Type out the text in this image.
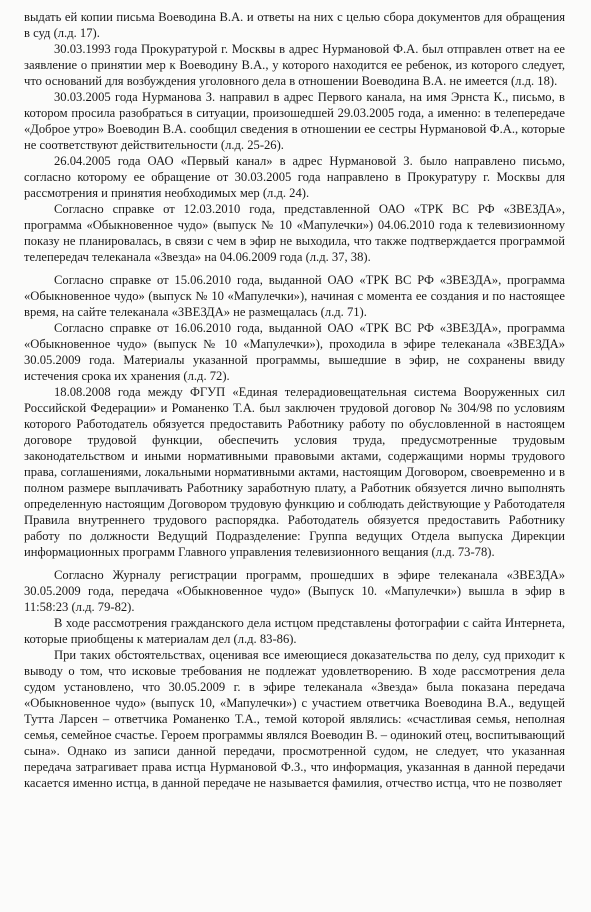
выдать ей копии письма Воеводина В.А. и ответы на них с целью сбора документов для обращения в суд (л.д. 17).

30.03.1993 года Прокуратурой г. Москвы в адрес Нурмановой Ф.А. был отправлен ответ на ее заявление о принятии мер к Воеводину В.А., у которого находится ее ребенок, из которого следует, что оснований для возбуждения уголовного дела в отношении Воеводина В.А. не имеется (л.д. 18).

30.03.2005 года Нурманова З. направил в адрес Первого канала, на имя Эрнста К., письмо, в котором просила разобраться в ситуации, произошедшей 29.03.2005 года, а именно: в телепередаче «Доброе утро» Воеводин В.А. сообщил сведения в отношении ее сестры Нурмановой Ф.А., которые не соответствуют действительности (л.д. 25-26).

26.04.2005 года ОАО «Первый канал» в адрес Нурмановой З. было направлено письмо, согласно которому ее обращение от 30.03.2005 года направлено в Прокуратуру г. Москвы для рассмотрения и принятия необходимых мер (л.д. 24).

Согласно справке от 12.03.2010 года, представленной ОАО «ТРК ВС РФ «ЗВЕЗДА», программа «Обыкновенное чудо» (выпуск № 10 «Мапулечки») 04.06.2010 года к телевизионному показу не планировалась, в связи с чем в эфир не выходила, что также подтверждается программой телепередач телеканала «Звезда» на 04.06.2009 года (л.д. 37, 38).

Согласно справке от 15.06.2010 года, выданной ОАО «ТРК ВС РФ «ЗВЕЗДА», программа «Обыкновенное чудо» (выпуск № 10 «Мапулечки»), начиная с момента ее создания и по настоящее время, на сайте телеканала «ЗВЕЗДА» не размещалась (л.д. 71).

Согласно справке от 16.06.2010 года, выданной ОАО «ТРК ВС РФ «ЗВЕЗДА», программа «Обыкновенное чудо» (выпуск № 10 «Мапулечки»), проходила в эфире телеканала «ЗВЕЗДА» 30.05.2009 года. Материалы указанной программы, вышедшие в эфир, не сохранены ввиду истечения срока их хранения (л.д. 72).

18.08.2008 года между ФГУП «Единая телерадиовещательная система Вооруженных сил Российской Федерации» и Романенко Т.А. был заключен трудовой договор № 304/98 по условиям которого Работодатель обязуется предоставить Работнику работу по обусловленной в настоящем договоре трудовой функции, обеспечить условия труда, предусмотренные трудовым законодательством и иными нормативными правовыми актами, содержащими нормы трудового права, соглашениями, локальными нормативными актами, настоящим Договором, своевременно и в полном размере выплачивать Работнику заработную плату, а Работник обязуется лично выполнять определенную настоящим Договором трудовую функцию и соблюдать действующие у Работодателя Правила внутреннего трудового распорядка. Работодатель обязуется предоставить Работнику работу по должности Ведущий Подразделение: Группа ведущих Отдела выпуска Дирекции информационных программ Главного управления телевизионного вещания (л.д. 73-78).

Согласно Журналу регистрации программ, прошедших в эфире телеканала «ЗВЕЗДА» 30.05.2009 года, передача «Обыкновенное чудо» (Выпуск 10. «Мапулечки») вышла в эфир в 11:58:23 (л.д. 79-82).

В ходе рассмотрения гражданского дела истцом представлены фотографии с сайта Интернета, которые приобщены к материалам дел (л.д. 83-86).

При таких обстоятельствах, оценивая все имеющиеся доказательства по делу, суд приходит к выводу о том, что исковые требования не подлежат удовлетворению. В ходе рассмотрения дела судом установлено, что 30.05.2009 г. в эфире телеканала «Звезда» была показана передача «Обыкновенное чудо» (выпуск 10, «Мапулечки») с участием ответчика Воеводина В.А., ведущей Тутта Ларсен – ответчика Романенко Т.А., темой которой являлись: «счастливая семья, неполная семья, семейное счастье. Героем программы являлся Воеводин В. – одинокий отец, воспитывающий сына». Однако из записи данной передачи, просмотренной судом, не следует, что указанная передача затрагивает права истца Нурмановой Ф.З., что информация, указанная в данной передачи касается именно истца, в данной передаче не называется фамилия, отчество истца, что не позволяет
